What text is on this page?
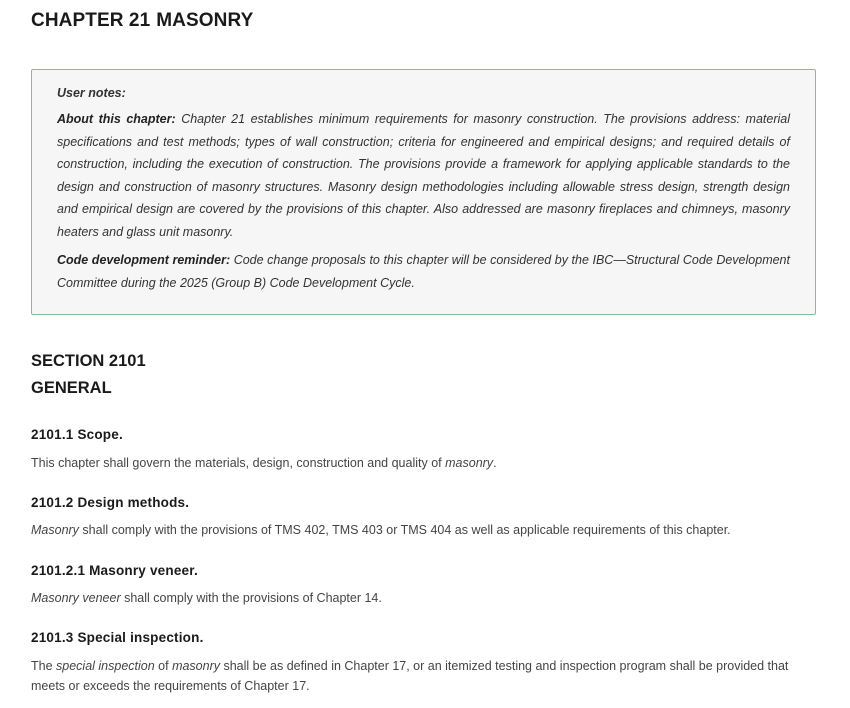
CHAPTER 21 MASONRY

User notes:

About this chapter: Chapter 21 establishes minimum requirements for masonry construction. The provisions address: material specifications and test methods; types of wall construction; criteria for engineered and empirical designs; and required details of construction, including the execution of construction. The provisions provide a framework for applying applicable standards to the design and construction of masonry structures. Masonry design methodologies including allowable stress design, strength design and empirical design are covered by the provisions of this chapter. Also addressed are masonry fireplaces and chimneys, masonry heaters and glass unit masonry.

Code development reminder: Code change proposals to this chapter will be considered by the IBC—Structural Code Development Committee during the 2025 (Group B) Code Development Cycle.

SECTION 2101
GENERAL
2101.1 Scope.

This chapter shall govern the materials, design, construction and quality of masonry.

2101.2 Design methods.

Masonry shall comply with the provisions of TMS 402, TMS 403 or TMS 404 as well as applicable requirements of this chapter.

2101.2.1 Masonry veneer.

Masonry veneer shall comply with the provisions of Chapter 14.

2101.3 Special inspection.

The special inspection of masonry shall be as defined in Chapter 17, or an itemized testing and inspection program shall be provided that meets or exceeds the requirements of Chapter 17.
